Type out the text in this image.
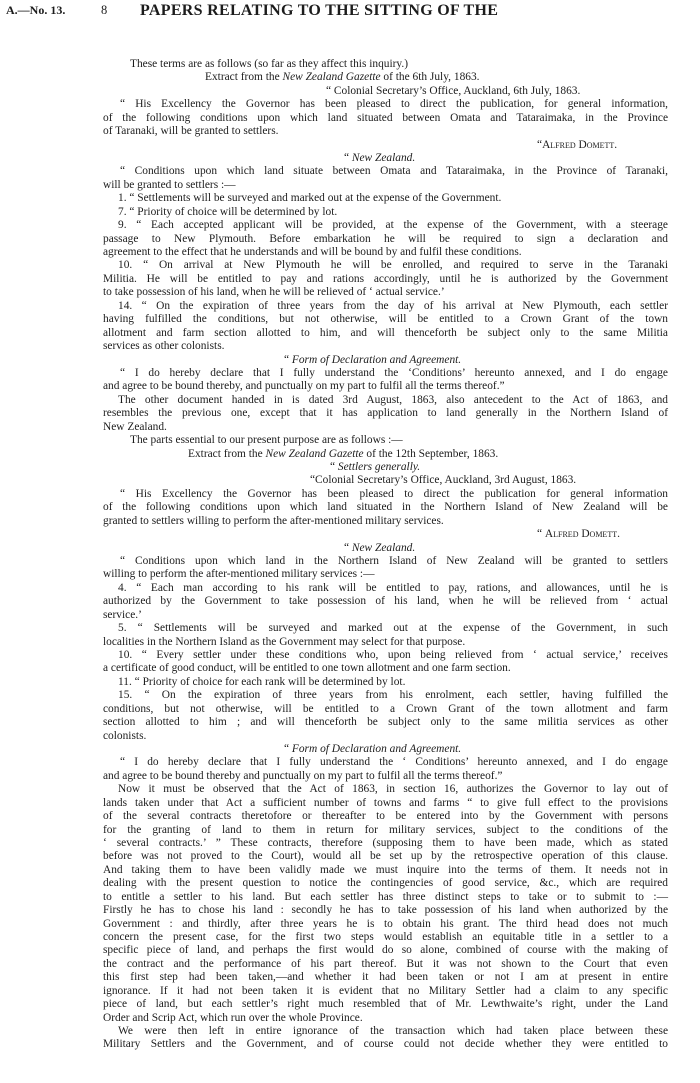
A.—No. 13.	8 PAPERS RELATING TO THE SITTING OF THE
These terms are as follows (so far as they affect this inquiry.)
Extract from the New Zealand Gazette of the 6th July, 1863.
“ Colonial Secretary’s Office, Auckland, 6th July, 1863.
“ His Excellency the Governor has been pleased to direct the publication, for general information,
of the following conditions upon which land situated between Omata and Tataraimaka, in the Province
of Taranaki, will be granted to settlers.
“Alfred Domett.
“ New Zealand.
“ Conditions upon which land situate between Omata and Tataraimaka, in the Province of Taranaki,
will be granted to settlers :—
1. “ Settlements will be surveyed and marked out at the expense of the Government.
7. “ Priority of choice will be determined by lot.
9. “ Each accepted applicant will be provided, at the expense of the Government, with a steerage
passage to New Plymouth. Before embarkation he will be required to sign a declaration and
agreement to the effect that he understands and will be bound by and fulfil these conditions.
10. “ On arrival at New Plymouth he will be enrolled, and required to serve in the Taranaki
Militia. He will be entitled to pay and rations accordingly, until he is authorized by the Government
to take possession of his land, when he will be relieved of ‘ actual service.’
14. “ On the expiration of three years from the day of his arrival at New Plymouth, each settler
having fulfilled the conditions, but not otherwise, will be entitled to a Crown Grant of the town
allotment and farm section allotted to him, and will thenceforth be subject only to the same Militia
services as other colonists.
“ Form of Declaration and Agreement.
“ I do hereby declare that I fully understand the ‘Conditions’ hereunto annexed, and I do engage
and agree to be bound thereby, and punctually on my part to fulfil all the terms thereof.”
The other document handed in is dated 3rd August, 1863, also antecedent to the Act of 1863, and
resembles the previous one, except that it has application to land generally in the Northern Island of
New Zealand.
The parts essential to our present purpose are as follows :—
Extract from the New Zealand Gazette of the 12th September, 1863.
“ Settlers generally.
“Colonial Secretary’s Office, Auckland, 3rd August, 1863.
“ His Excellency the Governor has been pleased to direct the publication for general information
of the following conditions upon which land situated in the Northern Island of New Zealand will be
granted to settlers willing to perform the after-mentioned military services.
“ Alfred Domett.
“ New Zealand.
“ Conditions upon which land in the Northern Island of New Zealand will be granted to settlers
willing to perform the after-mentioned military services :—
4. “ Each man according to his rank will be entitled to pay, rations, and allowances, until he is
authorized by the Government to take possession of his land, when he will be relieved from ‘ actual
service.’
5. “ Settlements will be surveyed and marked out at the expense of the Government, in such
localities in the Northern Island as the Government may select for that purpose.
10. “ Every settler under these conditions who, upon being relieved from ‘ actual service,’ receives
a certificate of good conduct, will be entitled to one town allotment and one farm section.
11. “ Priority of choice for each rank will be determined by lot.
15. “ On the expiration of three years from his enrolment, each settler, having fulfilled the
conditions, but not otherwise, will be entitled to a Crown Grant of the town allotment and farm
section allotted to him ; and will thenceforth be subject only to the same militia services as other
colonists.
“ Form of Declaration and Agreement.
“ I do hereby declare that I fully understand the ‘ Conditions’ hereunto annexed, and I do engage
and agree to be bound thereby and punctually on my part to fulfil all the terms thereof.”
Now it must be observed that the Act of 1863, in section 16, authorizes the Governor to lay out of
lands taken under that Act a sufficient number of towns and farms “ to give full effect to the provisions
of the several contracts theretofore or thereafter to be entered into by the Government with persons
for the granting of land to them in return for military services, subject to the conditions of the
‘ several contracts.’ ” These contracts, therefore (supposing them to have been made, which as stated
before was not proved to the Court), would all be set up by the retrospective operation of this clause.
And taking them to have been validly made we must inquire into the terms of them. It needs not in
dealing with the present question to notice the contingencies of good service, &c., which are required
to entitle a settler to his land. But each settler has three distinct steps to take or to submit to :—
Firstly he has to chose his land : secondly he has to take possession of his land when authorized by the
Government : and thirdly, after three years he is to obtain his grant. The third head does not much
concern the present case, for the first two steps would establish an equitable title in a settler to a
specific piece of land, and perhaps the first would do so alone, combined of course with the making of
the contract and the performance of his part thereof. But it was not shown to the Court that even
this first step had been taken,—and whether it had been taken or not I am at present in entire
ignorance. If it had not been taken it is evident that no Military Settler had a claim to any specific
piece of land, but each settler’s right much resembled that of Mr. Lewthwaite’s right, under the Land
Order and Scrip Act, which run over the whole Province.
We were then left in entire ignorance of the transaction which had taken place between these
Military Settlers and the Government, and of course could not decide whether they were entitled to
